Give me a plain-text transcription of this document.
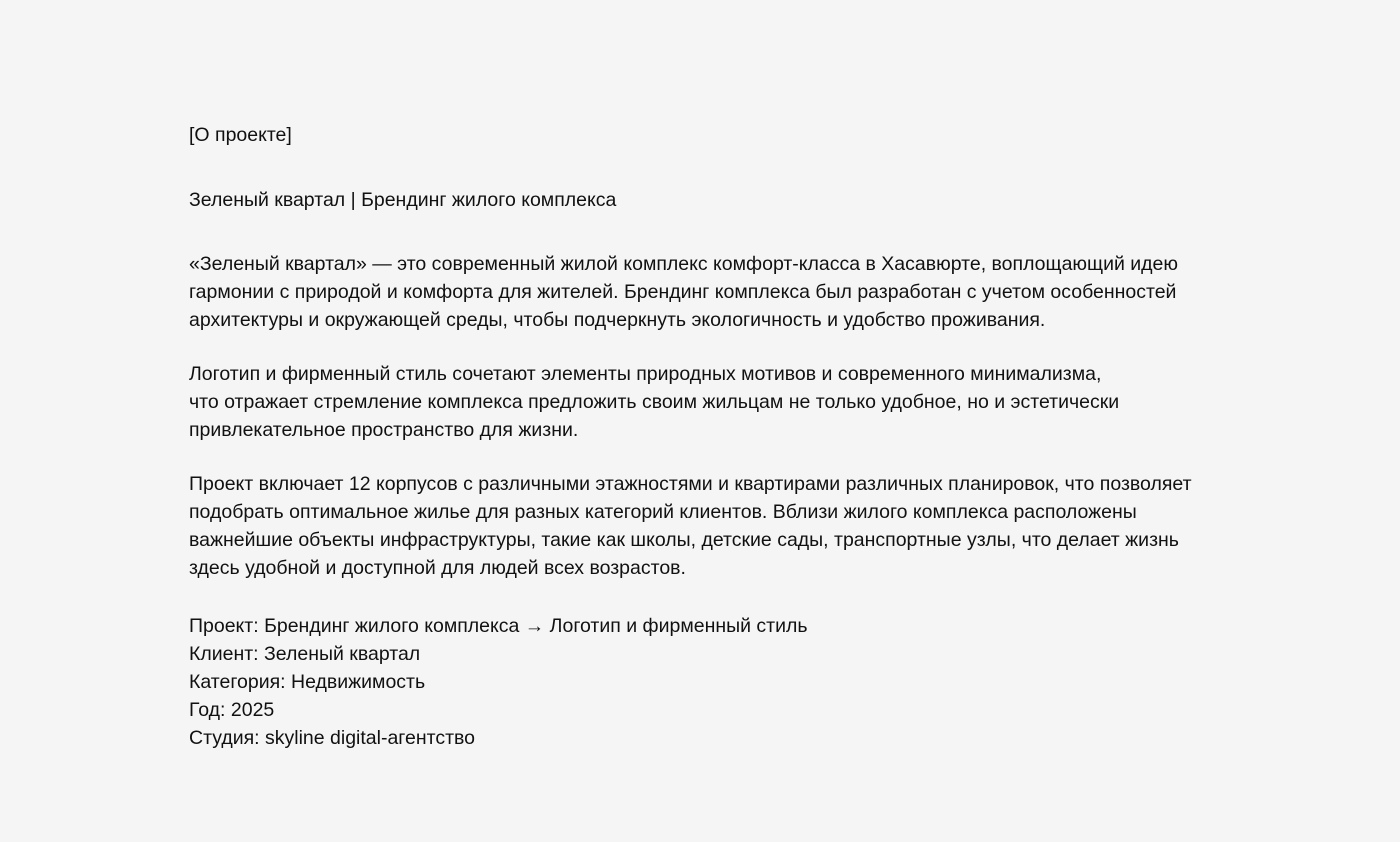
[О проекте]
Зеленый квартал | Брендинг жилого комплекса

«Зеленый квартал» — это современный жилой комплекс комфорт-класса в Хасавюрте, воплощающий идею
гармонии с природой и комфорта для жителей. Брендинг комплекса был разработан с учетом особенностей
архитектуры и окружающей среды, чтобы подчеркнуть экологичность и удобство проживания.

Логотип и фирменный стиль сочетают элементы природных мотивов и современного минимализма,
что отражает стремление комплекса предложить своим жильцам не только удобное, но и эстетически
привлекательное пространство для жизни.

Проект включает 12 корпусов с различными этажностями и квартирами различных планировок, что позволяет
подобрать оптимальное жилье для разных категорий клиентов. Вблизи жилого комплекса расположены
важнейшие объекты инфраструктуры, такие как школы, детские сады, транспортные узлы, что делает жизнь
здесь удобной и доступной для людей всех возрастов.

Проект: Брендинг жилого комплекса → Логотип и фирменный стиль
Клиент: Зеленый квартал
Категория: Недвижимость
Год: 2025
Студия: skyline digital-агентство
